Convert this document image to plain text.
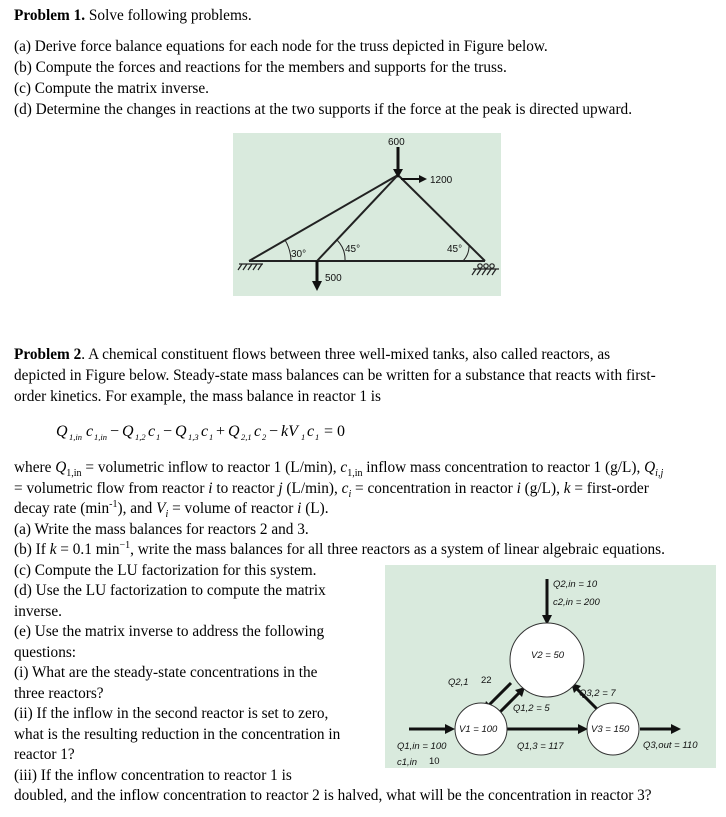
Problem 1. Solve following problems.
(a) Derive force balance equations for each node for the truss depicted in Figure below.
(b) Compute the forces and reactions for the members and supports for the truss.
(c) Compute the matrix inverse.
(d) Determine the changes in reactions at the two supports if the force at the peak is directed upward.
600
1200
500
30°	45°	45°
Problem 2. A chemical constituent flows between three well-mixed tanks, also called reactors, as
depicted in Figure below. Steady-state mass balances can be written for a substance that reacts with first-
order kinetics. For example, the mass balance in reactor 1 is
Q 1,in c 1,in − Q 1,2 c 1 − Q 1,3 c 1 + Q 2,1 c 2 − kV 1 c 1 = 0
where $Q_{1,in}$ = volumetric inflow to reactor 1 (L/min), $c_{1,in}$ inflow mass concentration to reactor 1 (g/L), $Q_{i,j}$
= volumetric flow from reactor i to reactor j (L/min), $c_i$ = concentration in reactor i (g/L), k = first-order
decay rate $(\min^{-1})$, and $V_i$ = volume of reactor i (L).
(a) Write the mass balances for reactors 2 and 3.
(b) If k = 0.1 $\min^{-1}$, write the mass balances for all three reactors as a system of linear algebraic equations.
(c) Compute the LU factorization for this system.
(d) Use the LU factorization to compute the matrix
inverse.
(e) Use the matrix inverse to address the following
questions:
(i) What are the steady-state concentrations in the
three reactors?
(ii) If the inflow in the second reactor is set to zero,
what is the resulting reduction in the concentration in
reactor 1?
(iii) If the inflow concentration to reactor 1 is
doubled, and the inflow concentration to reactor 2 is halved, what will be the concentration in reactor 3?
Q2,in = 10
c2,in = 200
V2 = 50
Q2,1 22
Q3,2 = 7
Q1,2 = 5
V1 = 100	V3 = 150
Q1,3 = 117
Q1,in = 100
c1,in 10
Q3,out = 110
